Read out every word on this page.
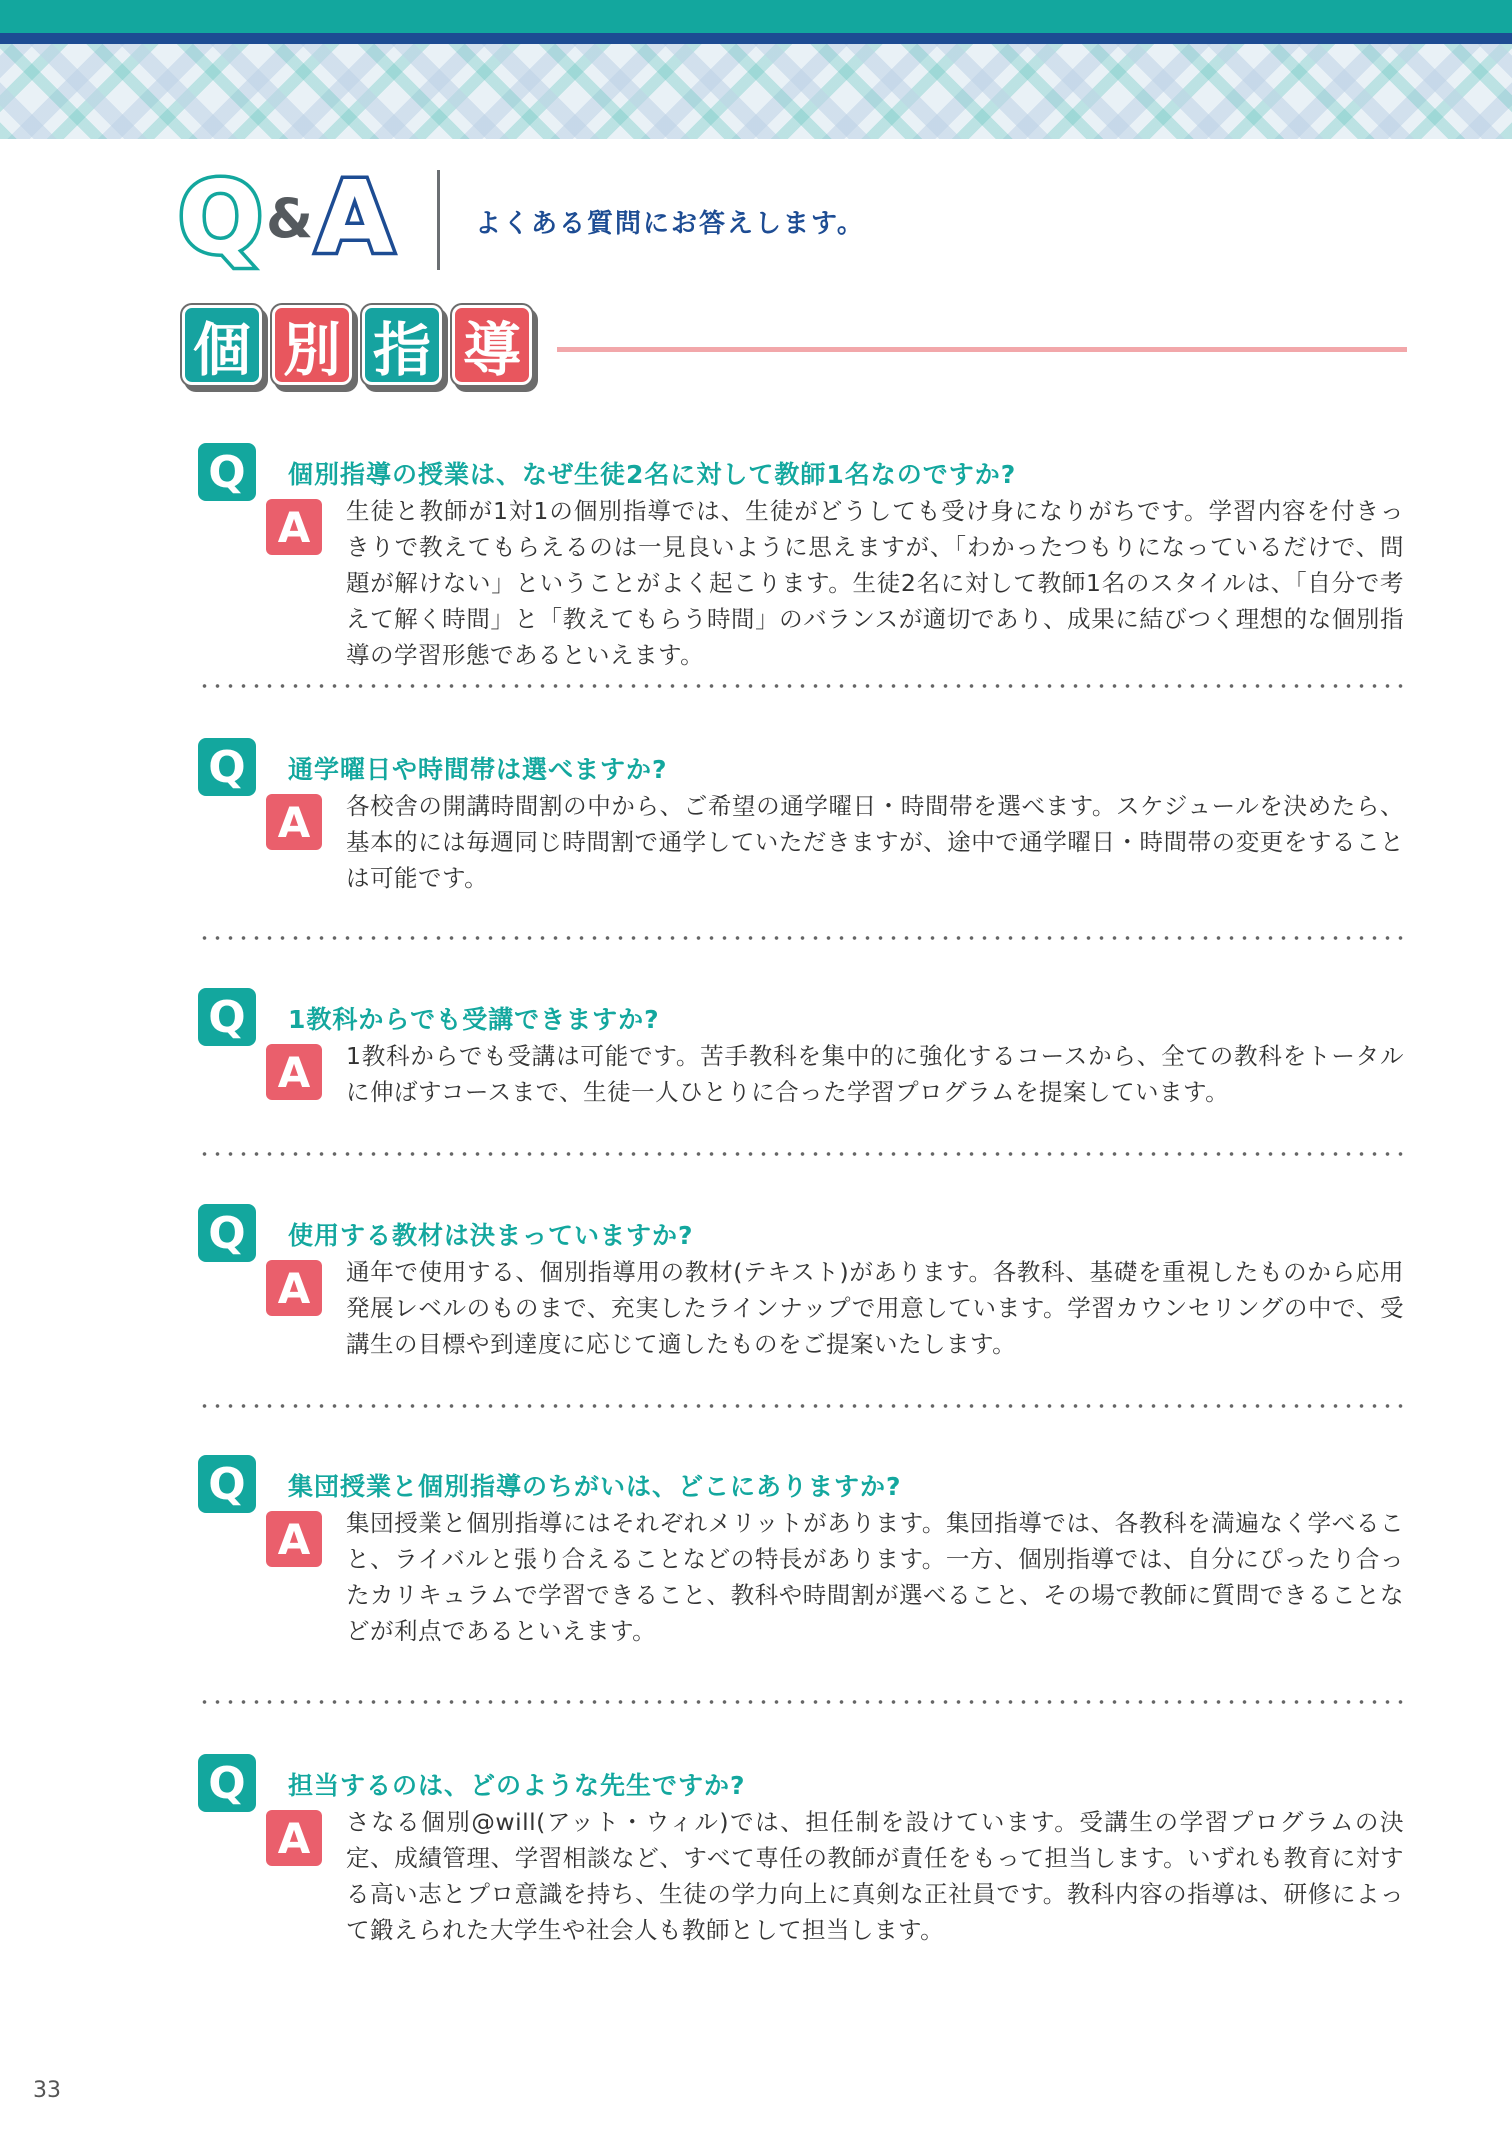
Q & A	よくある質問にお答えします。
個 別 指 導
Q	個別指導の授業は、なぜ生徒2名に対して教師1名なのですか?
A	生徒と教師が1対1の個別指導では、生徒がどうしても受け身になりがちです。学習内容を付きっきりで教えてもらえるのは一見良いように思えますが、「わかったつもりになっているだけで、問題が解けない」ということがよく起こります。生徒2名に対して教師1名のスタイルは、「自分で考えて解く時間」と「教えてもらう時間」のバランスが適切であり、成果に結びつく理想的な個別指導の学習形態であるといえます。

Q	通学曜日や時間帯は選べますか?
A	各校舎の開講時間割の中から、ご希望の通学曜日・時間帯を選べます。スケジュールを決めたら、基本的には毎週同じ時間割で通学していただきますが、途中で通学曜日・時間帯の変更をすることは可能です。

Q	1教科からでも受講できますか?
A	1教科からでも受講は可能です。苦手教科を集中的に強化するコースから、全ての教科をトータルに伸ばすコースまで、生徒一人ひとりに合った学習プログラムを提案しています。

Q	使用する教材は決まっていますか?
A	通年で使用する、個別指導用の教材(テキスト)があります。各教科、基礎を重視したものから応用発展レベルのものまで、充実したラインナップで用意しています。学習カウンセリングの中で、受講生の目標や到達度に応じて適したものをご提案いたします。

Q	集団授業と個別指導のちがいは、どこにありますか?
A	集団授業と個別指導にはそれぞれメリットがあります。集団指導では、各教科を満遍なく学べること、ライバルと張り合えることなどの特長があります。一方、個別指導では、自分にぴったり合ったカリキュラムで学習できること、教科や時間割が選べること、その場で教師に質問できることなどが利点であるといえます。

Q	担当するのは、どのような先生ですか?
A	さなる個別@will(アット・ウィル)では、担任制を設けています。受講生の学習プログラムの決定、成績管理、学習相談など、すべて専任の教師が責任をもって担当します。いずれも教育に対する高い志とプロ意識を持ち、生徒の学力向上に真剣な正社員です。教科内容の指導は、研修によって鍛えられた大学生や社会人も教師として担当します。

33
